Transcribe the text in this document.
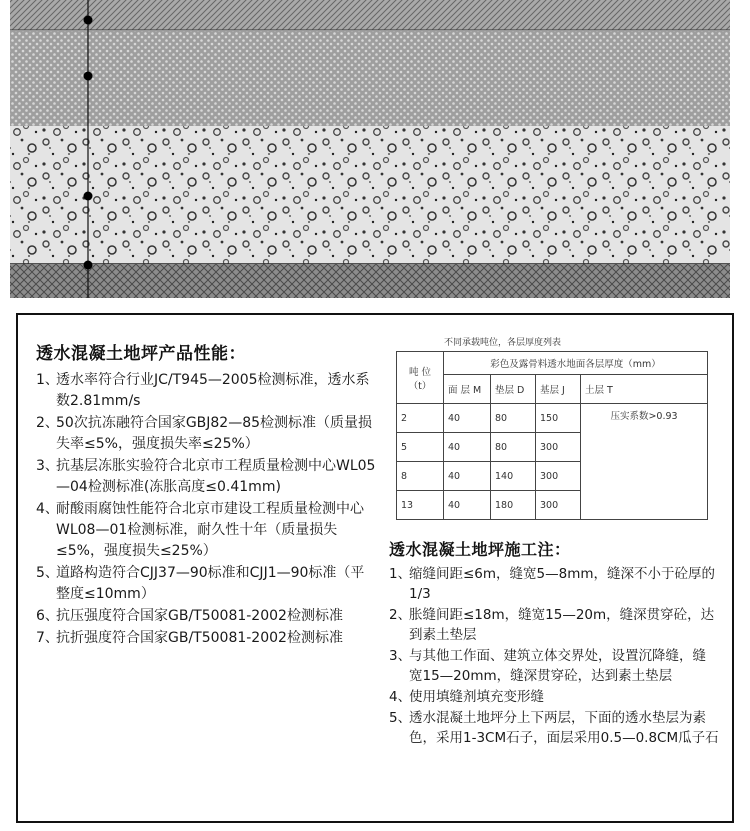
透水混凝土地坪产品性能：
1、
透水率符合行业JC/T945—2005检测标准，透水系数2.81mm/s
2、
50次抗冻融符合国家GBJ82—85检测标准（质量损失率≤5%，强度损失率≤25%）
3、
抗基层冻胀实验符合北京市工程质量检测中心WL05—04检测标准(冻胀高度≤0.41mm)
4、
耐酸雨腐蚀性能符合北京市建设工程质量检测中心WL08—01检测标准，耐久性十年（质量损失≤5%，强度损失≤25%）
5、
道路构造符合CJJ37—90标准和CJJ1—90标准（平整度≤10mm）
6、
抗压强度符合国家GB/T50081-2002检测标准
7、
抗折强度符合国家GB/T50081-2002检测标准
不同承载吨位，各层厚度列表
吨 位 （t）	彩色及露骨料透水地面各层厚度（mm）			
	面 层 M	垫层 D	基层 J	土层 T
2	40	80	150	压实系数>0.93
5	40	80	300	
8	40	140	300	
13	40	180	300	
透水混凝土地坪施工注：
1、
缩缝间距≤6m，缝宽5—8mm，缝深不小于砼厚的1/3
2、
胀缝间距≤18m，缝宽15—20m，缝深贯穿砼，达到素土垫层
3、
与其他工作面、建筑立体交界处，设置沉降缝，缝宽15—20mm，缝深贯穿砼，达到素土垫层
4、
使用填缝剂填充变形缝
5、
透水混凝土地坪分上下两层，下面的透水垫层为素色，采用1-3CM石子，面层采用0.5—0.8CM瓜子石
